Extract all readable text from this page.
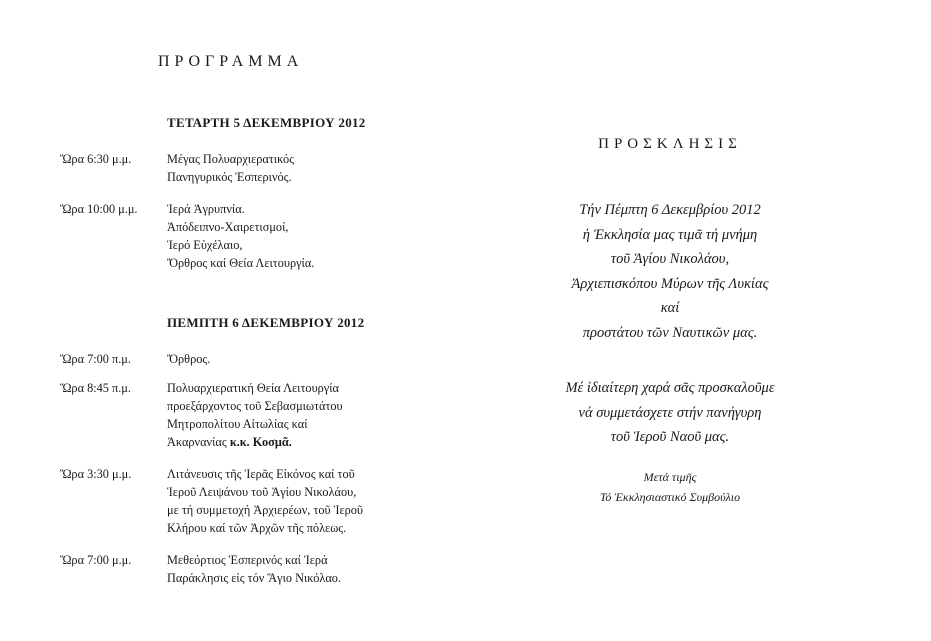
ΠΡΟΓΡΑΜΜΑ
ΤΕΤΑΡΤΗ 5 ΔΕΚΕΜΒΡΙΟΥ 2012
Ὥρα 6:30 μ.μ.	Μέγας Πολυαρχιερατικός
Πανηγυρικός Ἑσπερινός.
Ὥρα 10:00 μ.μ. Ἱερά Ἀγρυπνία.
Ἀπόδειπνο-Χαιρετισμοί,
Ἱερό Εὐχέλαιο,
Ὄρθρος καί Θεία Λειτουργία.
ΠΕΜΠΤΗ 6 ΔΕΚΕΜΒΡΙΟΥ 2012
Ὥρα 7:00 π.μ.	Ὄρθρος.
Ὥρα 8:45 π.μ.	Πολυαρχιερατική Θεία Λειτουργία
προεξάρχοντος τοῦ Σεβασμιωτάτου
Μητροπολίτου Αἰτωλίας καί
Ἀκαρνανίας κ.κ. Κοσμᾶ.
Ὥρα 3:30 μ.μ.	Λιτάνευσις τῆς Ἱερᾶς Εἰκόνος καί τοῦ
Ἱεροῦ Λειψάνου τοῦ Ἁγίου Νικολάου,
με τή συμμετοχή Ἀρχιερέων, τοῦ Ἱεροῦ
Κλήρου καί τῶν Ἀρχῶν τῆς πόλεως.
Ὥρα 7:00 μ.μ.	Μεθεόρτιος Ἑσπερινός καί Ἱερά
Παράκλησις εἰς τόν Ἅγιο Νικόλαο.
ΠΡΟΣΚΛΗΣΙΣ
Τήν Πέμπτη 6 Δεκεμβρίου 2012
ἡ Ἐκκλησία μας τιμᾶ τή μνήμη
τοῦ Ἁγίου Νικολάου,
Ἀρχιεπισκόπου Μύρων τῆς Λυκίας
καί
προστάτου τῶν Ναυτικῶν μας.
Μέ ἰδιαίτερη χαρά σᾶς προσκαλοῦμε
νά συμμετάσχετε στήν πανήγυρη
τοῦ Ἱεροῦ Ναοῦ μας.
Μετά τιμῆς
Τό Ἐκκλησιαστικό Συμβούλιο
